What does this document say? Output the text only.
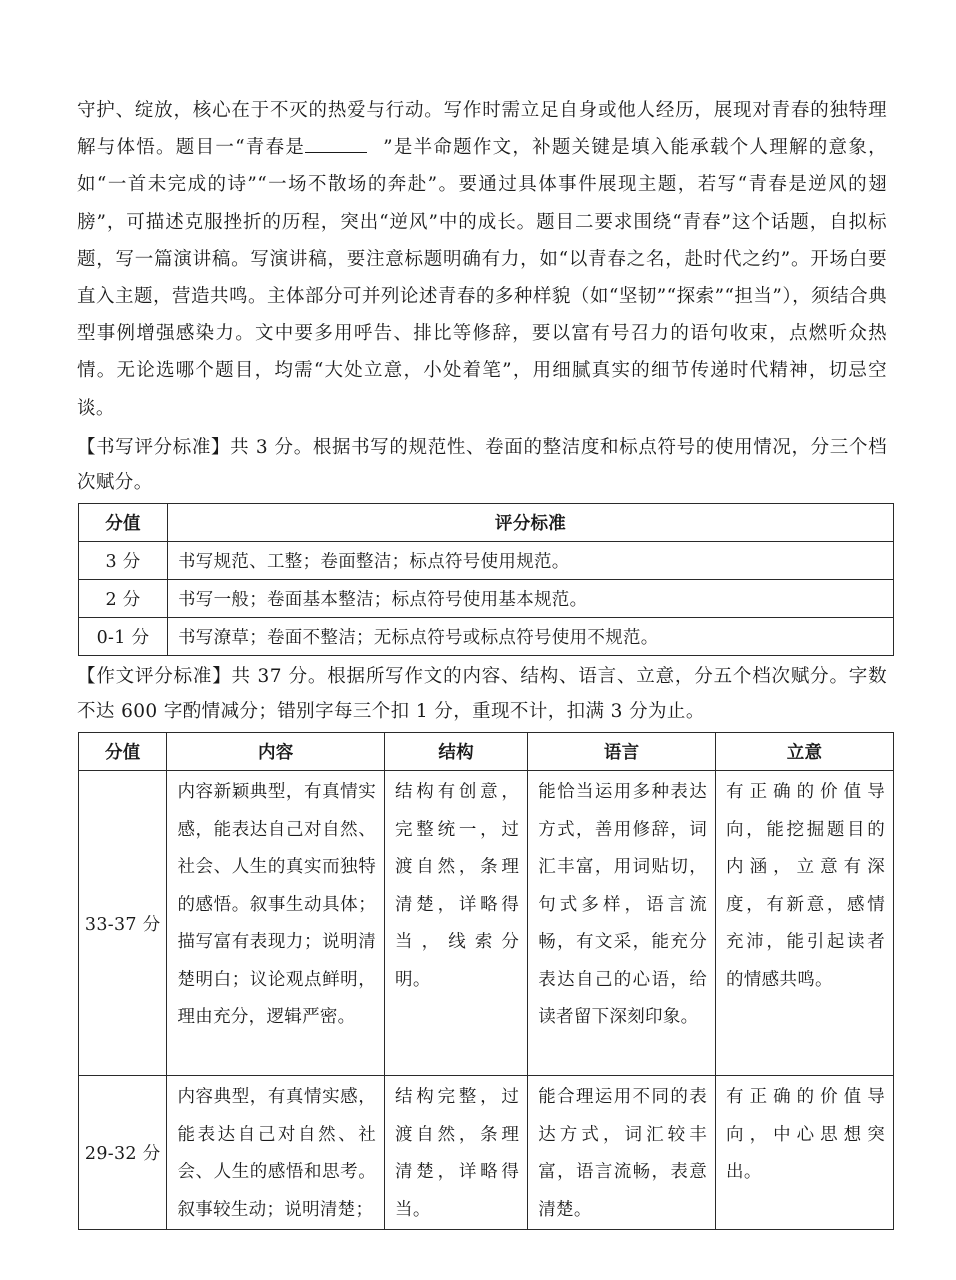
守护、绽放，核心在于不灭的热爱与行动。写作时需立足自身或他人经历，展现对青春的独特理解与体悟。题目一“青春是	”是半命题作文，补题关键是填入能承载个人理解的意象，如“一首未完成的诗”“一场不散场的奔赴”。要通过具体事件展现主题，若写“青春是逆风的翅膀”，可描述克服挫折的历程，突出“逆风”中的成长。题目二要求围绕“青春”这个话题，自拟标题，写一篇演讲稿。写演讲稿，要注意标题明确有力，如“以青春之名，赴时代之约”。开场白要直入主题，营造共鸣。主体部分可并列论述青春的多种样貌（如“坚韧”“探索”“担当”），须结合典型事例增强感染力。文中要多用呼告、排比等修辞，要以富有号召力的语句收束，点燃听众热情。无论选哪个题目，均需“大处立意，小处着笔”，用细腻真实的细节传递时代精神，切忌空谈。

【书写评分标准】共 3 分。根据书写的规范性、卷面的整洁度和标点符号的使用情况，分三个档次赋分。

分值	评分标准
3 分	书写规范、工整；卷面整洁；标点符号使用规范。
2 分	书写一般；卷面基本整洁；标点符号使用基本规范。
0-1 分	书写潦草；卷面不整洁；无标点符号或标点符号使用不规范。

【作文评分标准】共 37 分。根据所写作文的内容、结构、语言、立意，分五个档次赋分。字数不达 600 字酌情减分；错别字每三个扣 1 分，重现不计，扣满 3 分为止。

分值	内容	结构	语言	立意
33-37 分	内容新颖典型，有真情实感，能表达自己对自然、社会、人生的真实而独特的感悟。叙事生动具体；描写富有表现力；说明清楚明白；议论观点鲜明，理由充分，逻辑严密。	结构有创意，完整统一，过渡自然，条理清楚，详略得当，线索分明。	能恰当运用多种表达方式，善用修辞，词汇丰富，用词贴切，句式多样，语言流畅，有文采，能充分表达自己的心语，给读者留下深刻印象。	有正确的价值导向，能挖掘题目的内涵，立意有深度，有新意，感情充沛，能引起读者的情感共鸣。
29-32 分	内容典型，有真情实感，能表达自己对自然、社会、人生的感悟和思考。叙事较生动；说明清楚；	结构完整，过渡自然，条理清楚，详略得当。	能合理运用不同的表达方式，词汇较丰富，语言流畅，表意清楚。	有正确的价值导向，中心思想突出。
